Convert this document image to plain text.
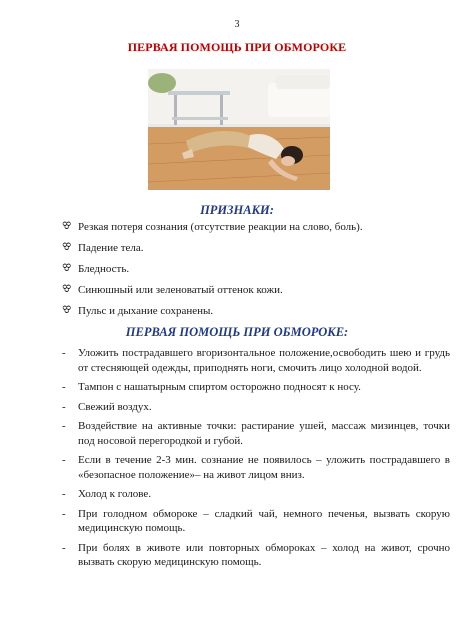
3
ПЕРВАЯ ПОМОЩЬ ПРИ ОБМОРОКЕ
ПРИЗНАКИ:
ꕢ Резкая потеря сознания (отсутствие реакции на слово, боль).
ꕢ Падение тела.
ꕢ Бледность.
ꕢ Синюшный или зеленоватый оттенок кожи.
ꕢ Пульс и дыхание сохранены.
ПЕРВАЯ ПОМОЩЬ ПРИ ОБМОРОКЕ:
- Уложить пострадавшего вгоризонтальное положение,освободить шею и грудь от стесняющей одежды, приподнять ноги, смочить лицо холодной водой.
- Тампон с нашатырным спиртом осторожно подносят к носу.
- Свежий воздух.
- Воздействие на активные точки: растирание ушей, массаж мизинцев, точки под носовой перегородкой и губой.
- Если в течение 2-3 мин. сознание не появилось – уложить пострадавшего в «безопасное положение»– на живот лицом вниз.
- Холод к голове.
- При голодном обмороке – сладкий чай, немного печенья, вызвать скорую медицинскую помощь.
- При болях в животе или повторных обмороках – холод на живот, срочно вызвать скорую медицинскую помощь.
